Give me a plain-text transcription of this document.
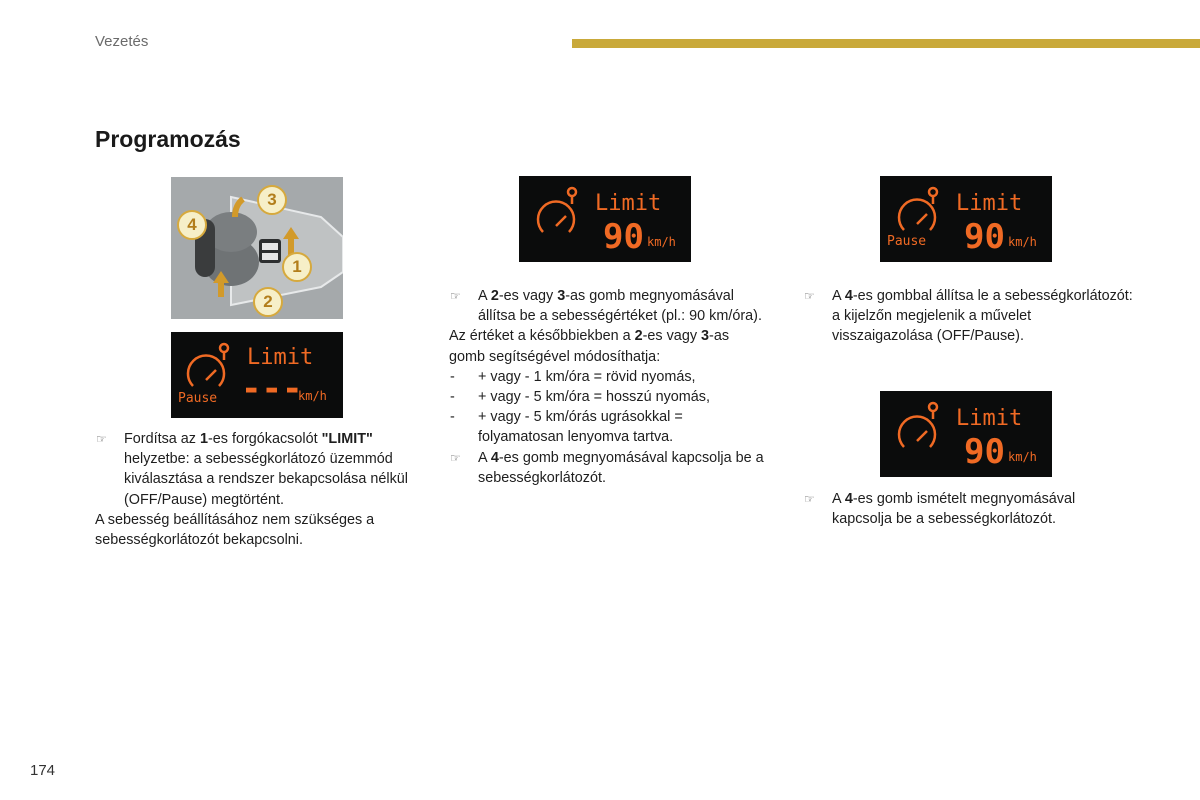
Vezetés
Programozás
1
2
3
4
Limit
Pause ---
km/h
Limit
90 km/h
Limit
Pause 90 km/h
Limit
90 km/h

☞ Fordítsa az 1-es forgókacsolót "LIMIT" helyzetbe: a sebességkorlátozó üzemmód kiválasztása a rendszer bekapcsolása nélkül (OFF/Pause) megtörtént.

A sebesség beállításához nem szükséges a sebességkorlátozót bekapcsolni.

☞ A 2-es vagy 3-as gomb megnyomásával állítsa be a sebességértéket (pl.: 90 km/óra).

Az értéket a későbbiekben a 2-es vagy 3-as gomb segítségével módosíthatja:

- + vagy - 1 km/óra = rövid nyomás,

- + vagy - 5 km/óra = hosszú nyomás,

- + vagy - 5 km/órás ugrásokkal = folyamatosan lenyomva tartva.

☞ A 4-es gomb megnyomásával kapcsolja be a sebességkorlátozót.

☞ A 4-es gombbal állítsa le a sebességkorlátozót: a kijelzőn megjelenik a művelet visszaigazolása (OFF/Pause).

☞ A 4-es gomb ismételt megnyomásával kapcsolja be a sebességkorlátozót.

174
